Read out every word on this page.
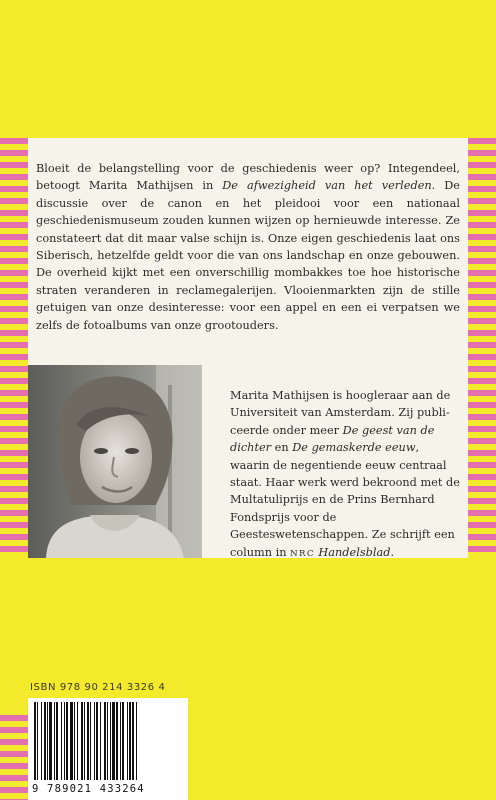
Bloeit de belangstelling voor de geschiedenis weer op? Integendeel, betoogt Marita Mathijsen in De afwezigheid van het verleden. De discussie over de canon en het pleidooi voor een nationaal geschiedenismuseum zouden kunnen wijzen op hernieuwde interesse. Ze constateert dat dit maar valse schijn is. Onze eigen geschiedenis laat ons Siberisch, hetzelfde geldt voor die van ons landschap en onze gebouwen. De overheid kijkt met een onverschillig mombakkes toe hoe historische straten veranderen in reclamegalerijen. Vlooienmarkten zijn de stille getuigen van onze desinteresse: voor een appel en een ei verpatsen we zelfs de fotoalbums van onze grootouders.

Marita Mathijsen is hoogleraar aan de Universiteit van Amsterdam. Zij publiceerde onder meer De geest van de dichter en De gemaskerde eeuw, waarin de negentiende eeuw centraal staat. Haar werk werd bekroond met de Multatuliprijs en de Prins Bernhard Fondsprijs voor de Geesteswetenschappen. Ze schrijft een column in NRC Handelsblad.

ISBN 978 90 214 3326 4
9 789021 433264
